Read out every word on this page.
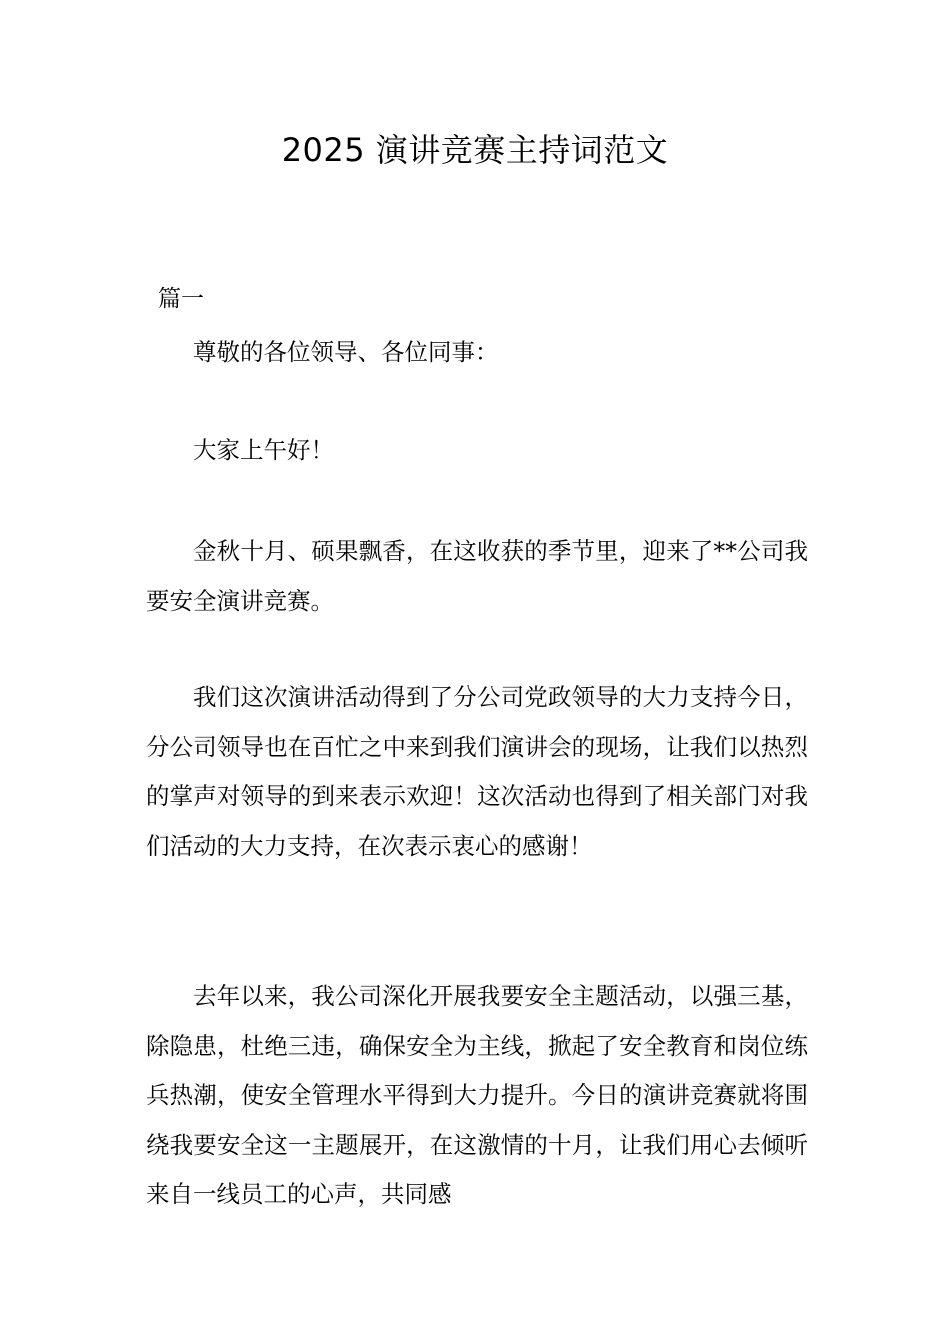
2025 演讲竞赛主持词范文
篇一

尊敬的各位领导、各位同事：

大家上午好！

金秋十月、硕果飘香，在这收获的季节里，迎来了**公司我要安全演讲竞赛。

我们这次演讲活动得到了分公司党政领导的大力支持今日，分公司领导也在百忙之中来到我们演讲会的现场，让我们以热烈的掌声对领导的到来表示欢迎！这次活动也得到了相关部门对我们活动的大力支持，在次表示衷心的感谢！

去年以来，我公司深化开展我要安全主题活动，以强三基，除隐患，杜绝三违，确保安全为主线，掀起了安全教育和岗位练兵热潮，使安全管理水平得到大力提升。今日的演讲竞赛就将围绕我要安全这一主题展开，在这激情的十月，让我们用心去倾听来自一线员工的心声，共同感
